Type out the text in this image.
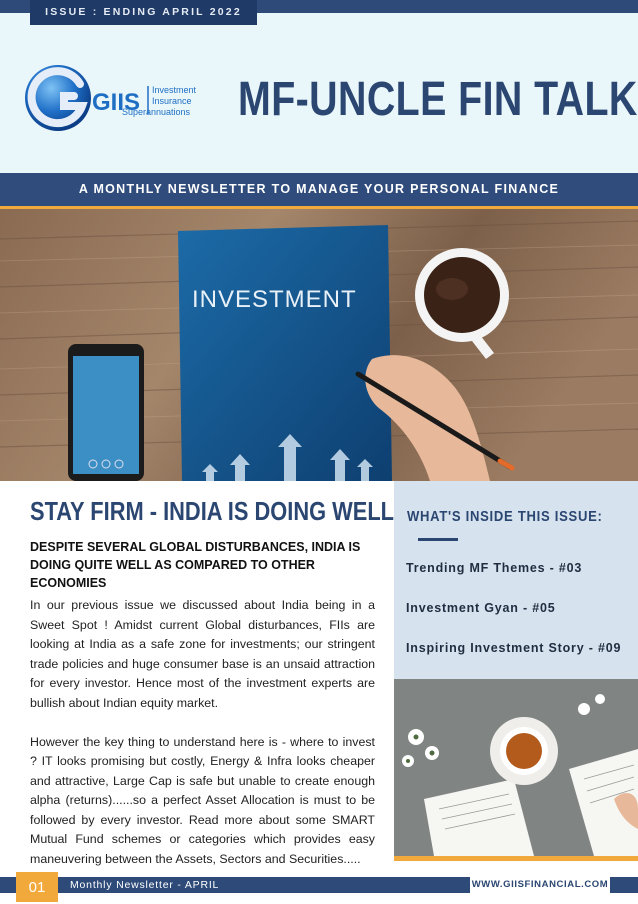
ISSUE : ENDING APRIL 2022
GIIS Investment
Insurance
Superannuations MF-UNCLE FIN TALK
A MONTHLY NEWSLETTER TO MANAGE YOUR PERSONAL FINANCE
INVESTMENT
STAY FIRM - INDIA IS DOING WELL
DESPITE SEVERAL GLOBAL DISTURBANCES, INDIA IS DOING QUITE WELL AS COMPARED TO OTHER ECONOMIES

In our previous issue we discussed about India being in a Sweet Spot ! Amidst current Global disturbances, FIIs are looking at India as a safe zone for investments; our stringent trade policies and huge consumer base is an unsaid attraction for every investor. Hence most of the investment experts are bullish about Indian equity market.

However the key thing to understand here is - where to invest ? IT looks promising but costly, Energy & Infra looks cheaper and attractive, Large Cap is safe but unable to create enough alpha (returns)......so a perfect Asset Allocation is must to be followed by every investor. Read more about some SMART Mutual Fund schemes or categories which provides easy maneuvering between the Assets, Sectors and Securities.....

WHAT'S INSIDE THIS ISSUE:
Trending MF Themes - #03
Investment Gyan - #05
Inspiring Investment Story - #09
01	Monthly Newsletter - APRIL	WWW.GIISFINANCIAL.COM
